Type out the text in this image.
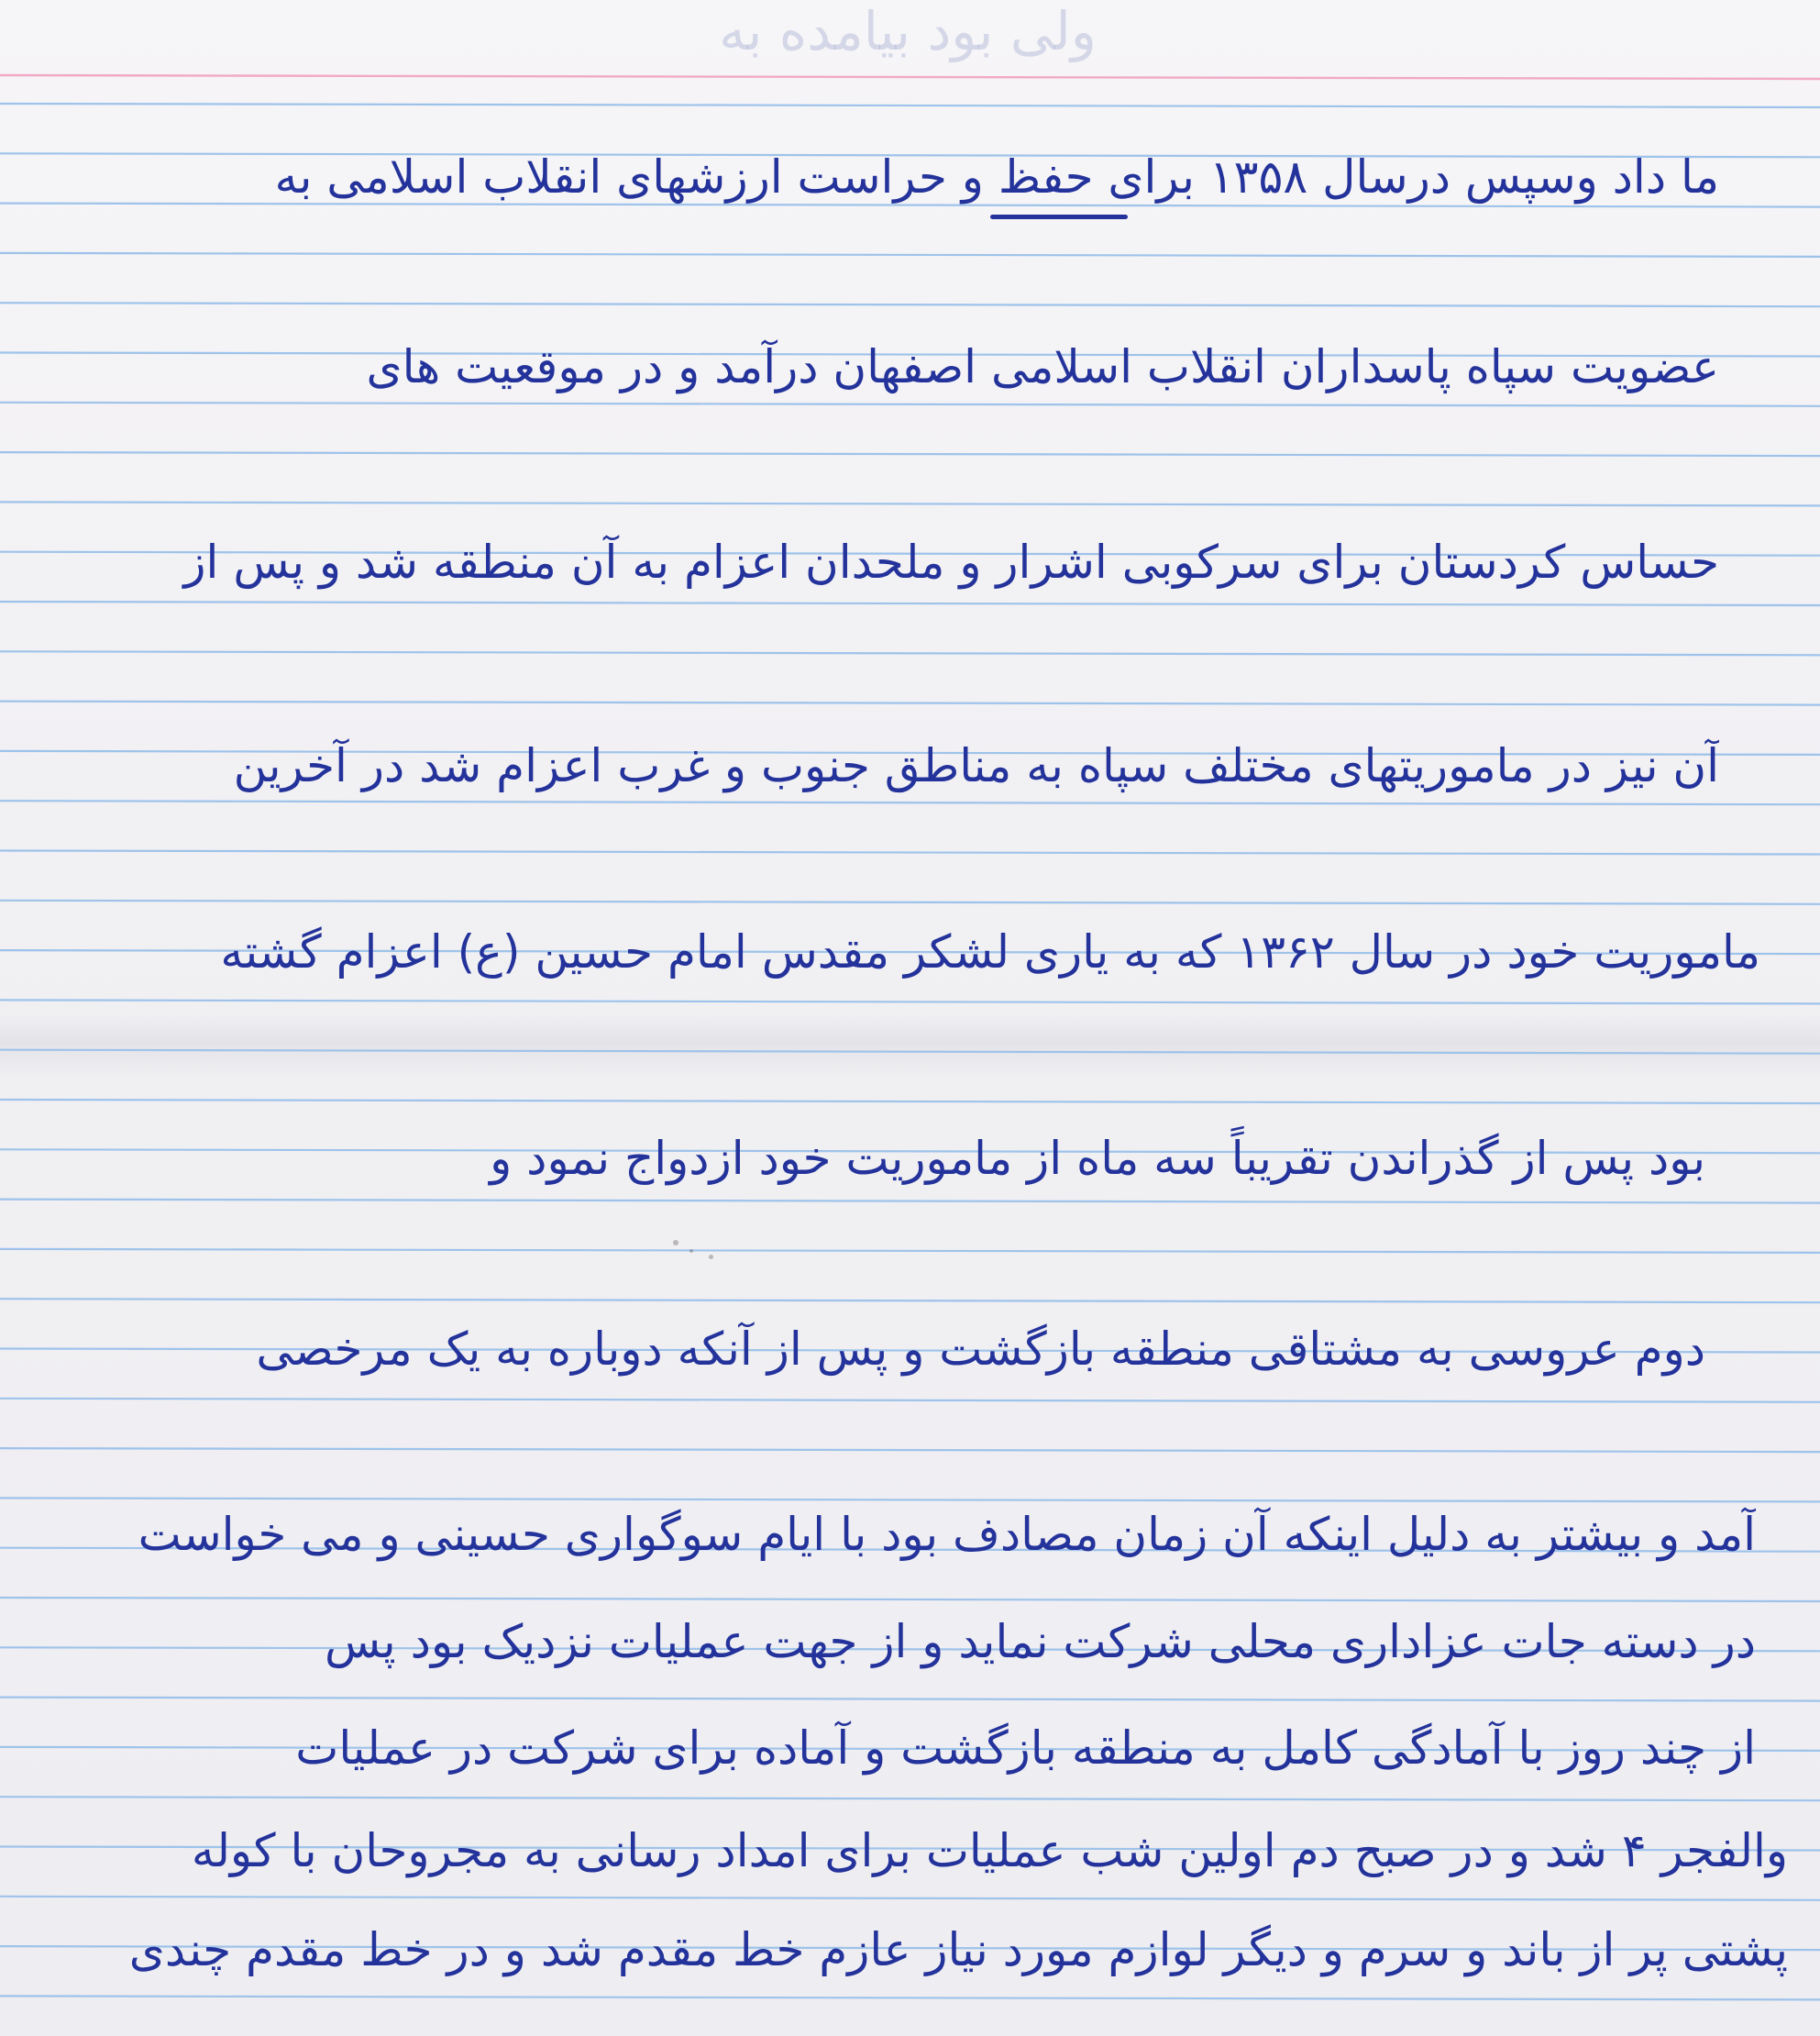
ولی بود بیامده به
ما داد وسپس درسال ۱۳۵۸ برای حفظ و حراست ارزشهای انقلاب اسلامی به
عضویت سپاه پاسداران انقلاب اسلامی اصفهان درآمد و در موقعیت های
حساس کردستان برای سرکوبی اشرار و ملحدان اعزام به آن منطقه شد و پس از
آن نیز در ماموریتهای مختلف سپاه به مناطق جنوب و غرب اعزام شد در آخرین
ماموریت خود در سال ۱۳۶۲ که به یاری لشکر مقدس امام حسین (ع) اعزام گشته
بود پس از گذراندن تقریباً سه ماه از ماموریت خود ازدواج نمود و
دوم عروسی به مشتاقی منطقه بازگشت و پس از آنکه دوباره به یک مرخصی
آمد و بیشتر به دلیل اینکه آن زمان مصادف بود با ایام سوگواری حسینی و می خواست
در دسته جات عزاداری محلی شرکت نماید و از جهت عملیات نزدیک بود پس
از چند روز با آمادگی کامل به منطقه بازگشت و آماده برای شرکت در عملیات
والفجر ۴ شد و در صبح دم اولین شب عملیات برای امداد رسانی به مجروحان با کوله
پشتی پر از باند و سرم و دیگر لوازم مورد نیاز عازم خط مقدم شد و در خط مقدم چندی
